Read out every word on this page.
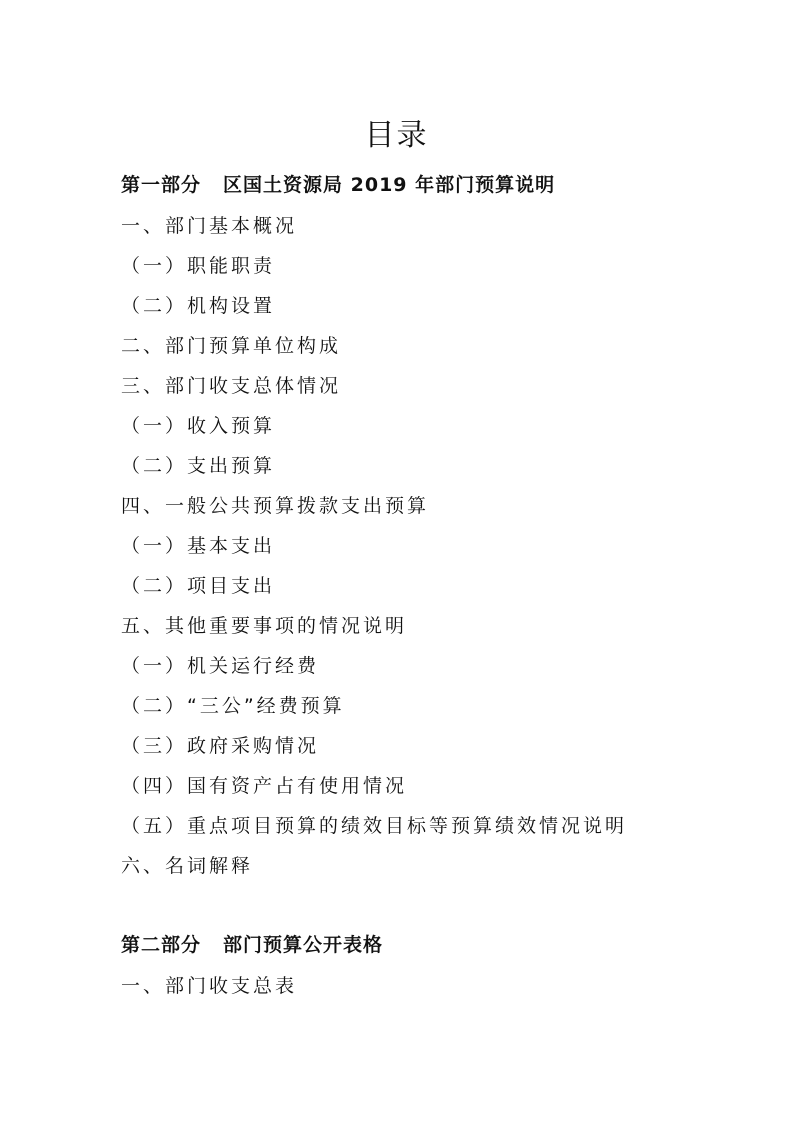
目录
第一部分 区国土资源局 2019 年部门预算说明
一、部门基本概况
（一）职能职责
（二）机构设置
二、部门预算单位构成
三、部门收支总体情况
（一）收入预算
（二）支出预算
四、一般公共预算拨款支出预算
（一）基本支出
（二）项目支出
五、其他重要事项的情况说明
（一）机关运行经费
（二）“三公”经费预算
（三）政府采购情况
（四）国有资产占有使用情况
（五）重点项目预算的绩效目标等预算绩效情况说明
六、名词解释
第二部分 部门预算公开表格
一、部门收支总表
